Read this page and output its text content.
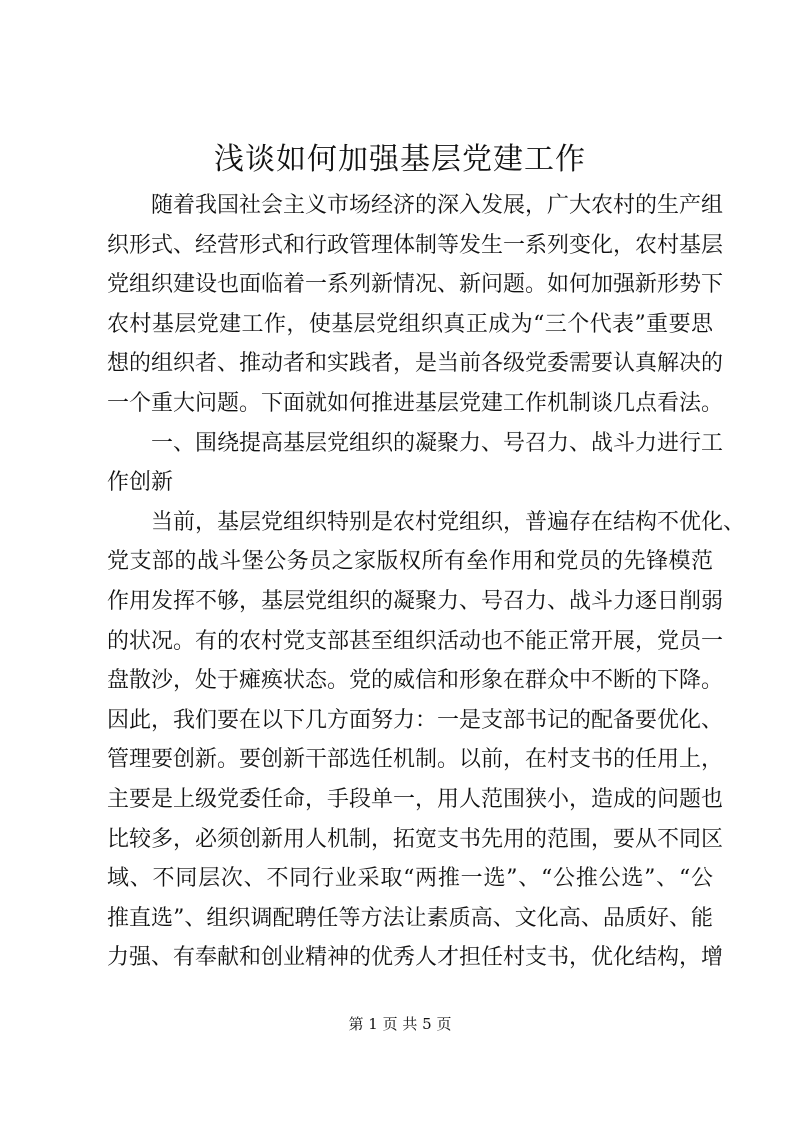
浅谈如何加强基层党建工作
随着我国社会主义市场经济的深入发展，广大农村的生产组
织形式、经营形式和行政管理体制等发生一系列变化，农村基层
党组织建设也面临着一系列新情况、新问题。如何加强新形势下
农村基层党建工作，使基层党组织真正成为“三个代表”重要思
想的组织者、推动者和实践者，是当前各级党委需要认真解决的
一个重大问题。下面就如何推进基层党建工作机制谈几点看法。
一、围绕提高基层党组织的凝聚力、号召力、战斗力进行工
作创新
当前，基层党组织特别是农村党组织，普遍存在结构不优化、
党支部的战斗堡公务员之家版权所有垒作用和党员的先锋模范
作用发挥不够，基层党组织的凝聚力、号召力、战斗力逐日削弱
的状况。有的农村党支部甚至组织活动也不能正常开展，党员一
盘散沙，处于瘫痪状态。党的威信和形象在群众中不断的下降。
因此，我们要在以下几方面努力：一是支部书记的配备要优化、
管理要创新。要创新干部选任机制。以前，在村支书的任用上，
主要是上级党委任命，手段单一，用人范围狭小，造成的问题也
比较多，必须创新用人机制，拓宽支书先用的范围，要从不同区
域、不同层次、不同行业采取“两推一选”、“公推公选”、“公
推直选”、组织调配聘任等方法让素质高、文化高、品质好、能
力强、有奉献和创业精神的优秀人才担任村支书，优化结构，增
第 1 页 共 5 页
